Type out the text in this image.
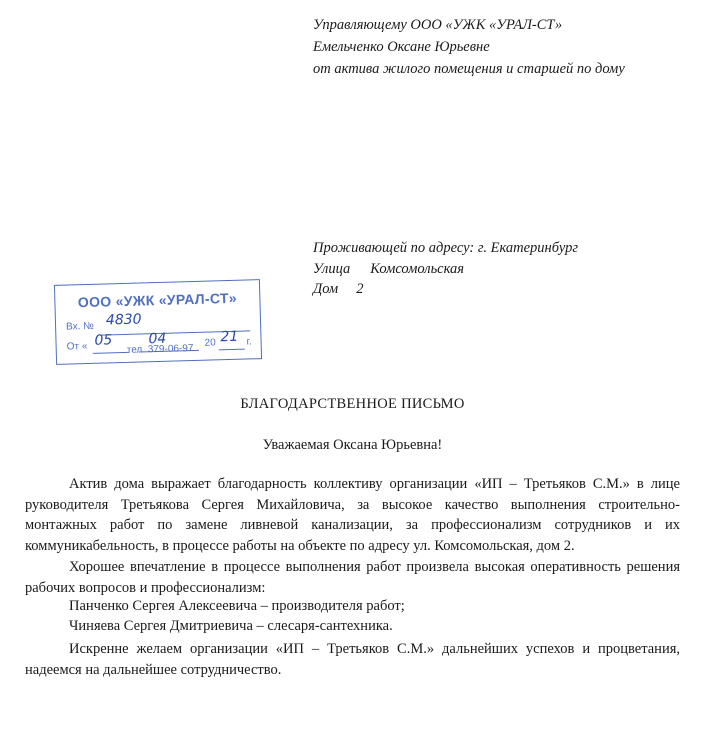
Управляющему ООО «УЖК «УРАЛ-СТ»
Емельченко Оксане Юрьевне
от актива жилого помещения и старшей по дому
Проживающей по адресу: г. Екатеринбург
Улица Комсомольская
Дом 2
ООО «УЖК «УРАЛ-СТ»
Вх. № 4830
От « 05	04	20 21 г.
тел. 379-06-97
БЛАГОДАРСТВЕННОЕ ПИСЬМО
Уважаемая Оксана Юрьевна!
Актив дома выражает благодарность коллективу организации «ИП – Третьяков С.М.» в лице руководителя Третьякова Сергея Михайловича, за высокое качество выполнения строительно-монтажных работ по замене ливневой канализации, за профессионализм сотрудников и их коммуникабельность, в процессе работы на объекте по адресу ул. Комсомольская, дом 2.
Хорошее впечатление в процессе выполнения работ произвела высокая оперативность решения рабочих вопросов и профессионализм:
Панченко Сергея Алексеевича – производителя работ;
Чиняева Сергея Дмитриевича – слесаря-сантехника.
Искренне желаем организации «ИП – Третьяков С.М.» дальнейших успехов и процветания, надеемся на дальнейшее сотрудничество.
